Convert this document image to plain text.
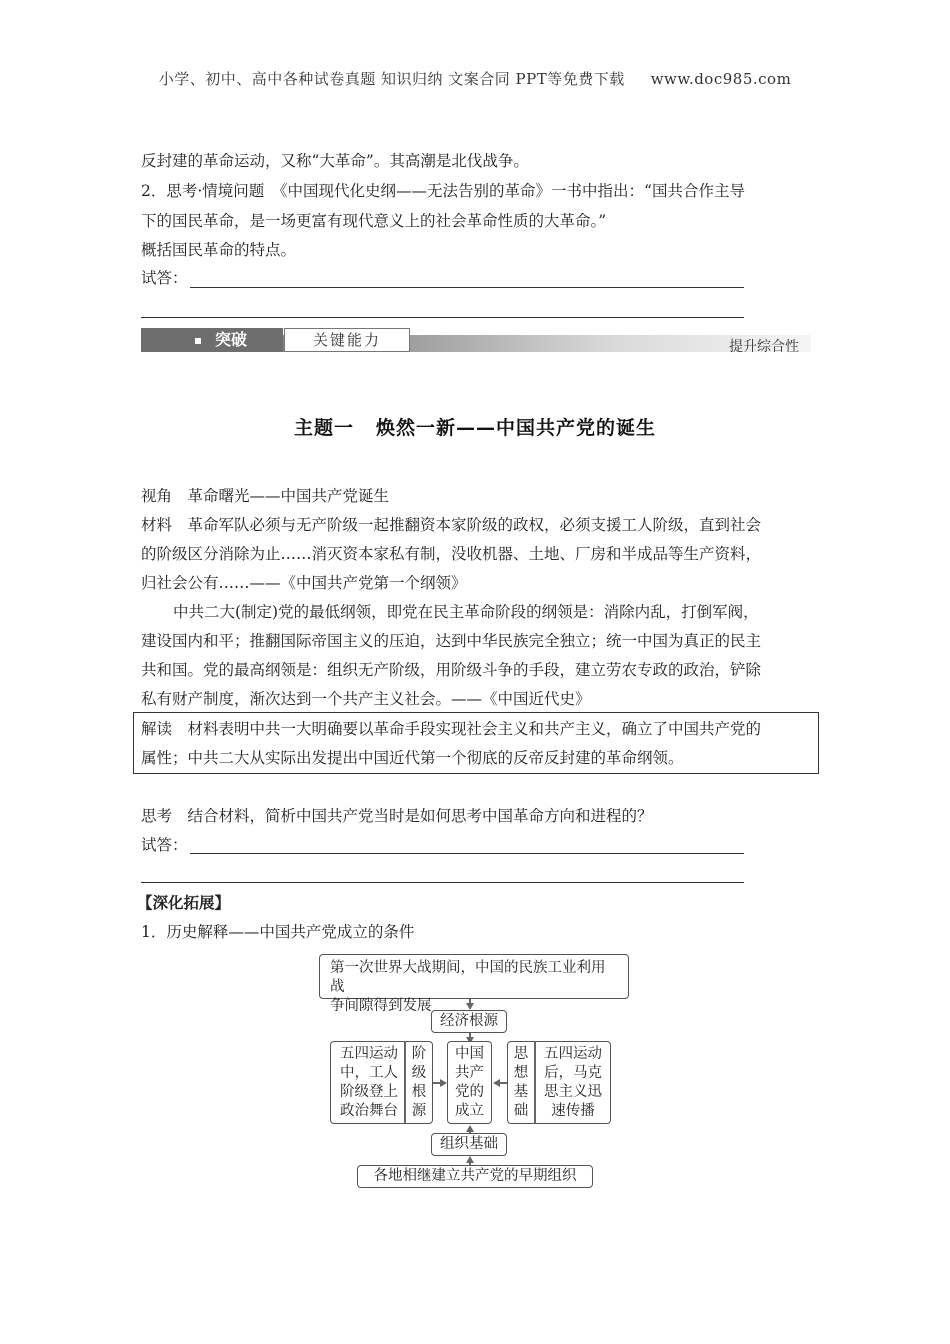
小学、初中、高中各种试卷真题 知识归纳 文案合同 PPT等免费下载 www.doc985.com
反封建的革命运动，又称“大革命”。其高潮是北伐战争。
2．思考·情境问题　《中国现代化史纲——无法告别的革命》一书中指出：“国共合作主导
下的国民革命，是一场更富有现代意义上的社会革命性质的大革命。”
概括国民革命的特点。
试答：
突破	关键能力	提升综合性
主题一 焕然一新——中国共产党的诞生
视角　 革命曙光——中国共产党诞生
材料　 革命军队必须与无产阶级一起推翻资本家阶级的政权，必须支援工人阶级，直到社会
的阶级区分消除为止……消灭资本家私有制，没收机器、土地、厂房和半成品等生产资料，
归社会公有……——《中国共产党第一个纲领》
中共二大(制定)党的最低纲领，即党在民主革命阶段的纲领是：消除内乱，打倒军阀，
建设国内和平；推翻国际帝国主义的压迫，达到中华民族完全独立；统一中国为真正的民主
共和国。党的最高纲领是：组织无产阶级，用阶级斗争的手段，建立劳农专政的政治，铲除
私有财产制度，渐次达到一个共产主义社会。——《中国近代史》
解读　 材料表明中共一大明确要以革命手段实现社会主义和共产主义，确立了中国共产党的
属性；中共二大从实际出发提出中国近代第一个彻底的反帝反封建的革命纲领。
思考　 结合材料，简析中国共产党当时是如何思考中国革命方向和进程的？
试答：
【深化拓展】
1．历史解释——中国共产党成立的条件
第一次世界大战期间，中国的民族工业利用战
争间隙得到发展
经济根源
五四运动
中，工人
阶级登上
政治舞台
阶
级
根
源
中国
共产
党的
成立
思
想
基
础
五四运动
后，马克
思主义迅
速传播
组织基础
各地相继建立共产党的早期组织
